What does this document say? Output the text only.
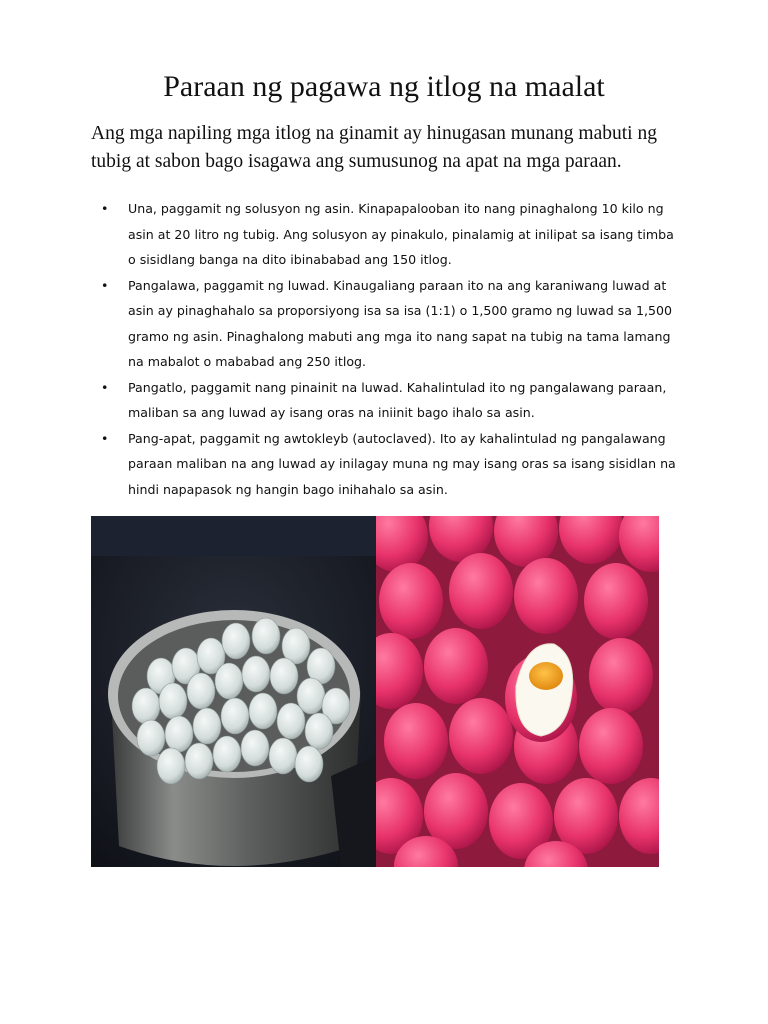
Paraan ng pagawa ng itlog na maalat

Ang mga napiling mga itlog na ginamit ay hinugasan munang mabuti ng tubig at sabon bago isagawa ang sumusunog na apat na mga paraan.

• Una, paggamit ng solusyon ng asin. Kinapapalooban ito nang pinaghalong 10 kilo ng asin at 20 litro ng tubig. Ang solusyon ay pinakulo, pinalamig at inilipat sa isang timba o sisidlang banga na dito ibinababad ang 150 itlog.
• Pangalawa, paggamit ng luwad. Kinaugaliang paraan ito na ang karaniwang luwad at asin ay pinaghahalo sa proporsiyong isa sa isa (1:1) o 1,500 gramo ng luwad sa 1,500 gramo ng asin. Pinaghalong mabuti ang mga ito nang sapat na tubig na tama lamang na mabalot o mababad ang 250 itlog.
• Pangatlo, paggamit nang pinainit na luwad. Kahalintulad ito ng pangalawang paraan, maliban sa ang luwad ay isang oras na iniinit bago ihalo sa asin.
• Pang-apat, paggamit ng awtokleyb (autoclaved). Ito ay kahalintulad ng pangalawang paraan maliban na ang luwad ay inilagay muna ng may isang oras sa isang sisidlan na hindi napapasok ng hangin bago inihahalo sa asin.
